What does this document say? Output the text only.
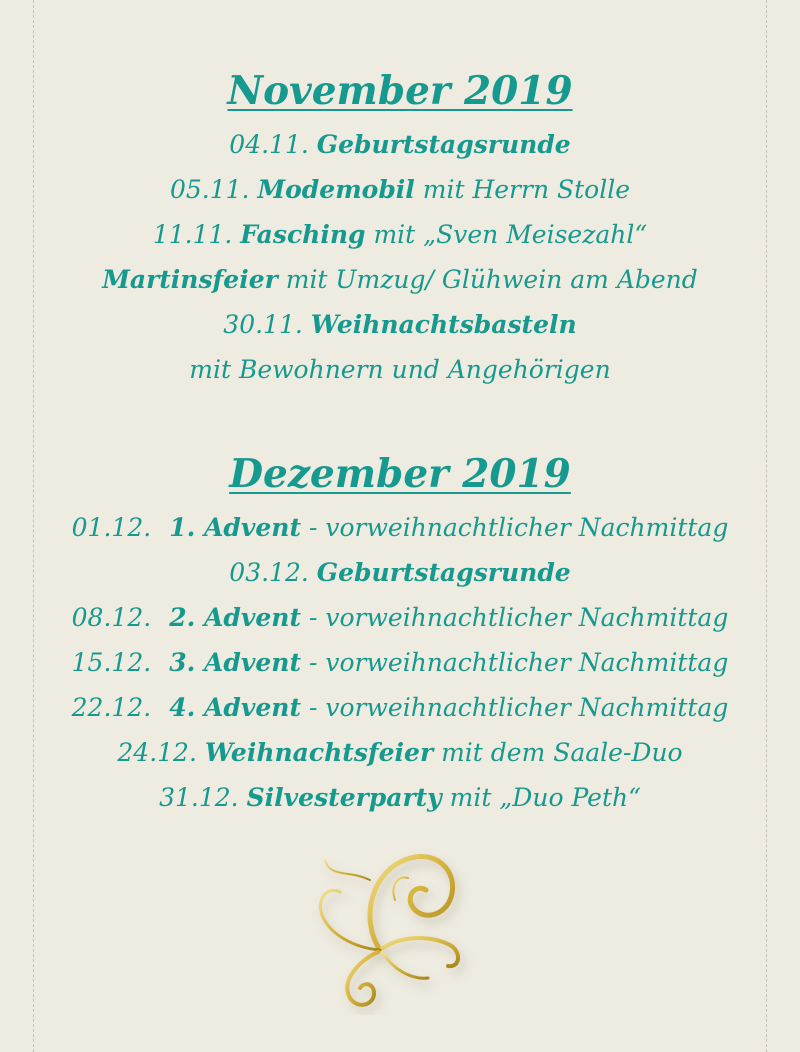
November 2019
04.11. Geburtstagsrunde
05.11. Modemobil mit Herrn Stolle
11.11. Fasching mit „Sven Meisezahl“
Martinsfeier mit Umzug/ Glühwein am Abend
30.11. Weihnachtsbasteln
mit Bewohnern und Angehörigen
Dezember 2019
01.12. 1. Advent - vorweihnachtlicher Nachmittag
03.12. Geburtstagsrunde
08.12. 2. Advent - vorweihnachtlicher Nachmittag
15.12. 3. Advent - vorweihnachtlicher Nachmittag
22.12. 4. Advent - vorweihnachtlicher Nachmittag
24.12. Weihnachtsfeier mit dem Saale-Duo
31.12. Silvesterparty mit „Duo Peth“
